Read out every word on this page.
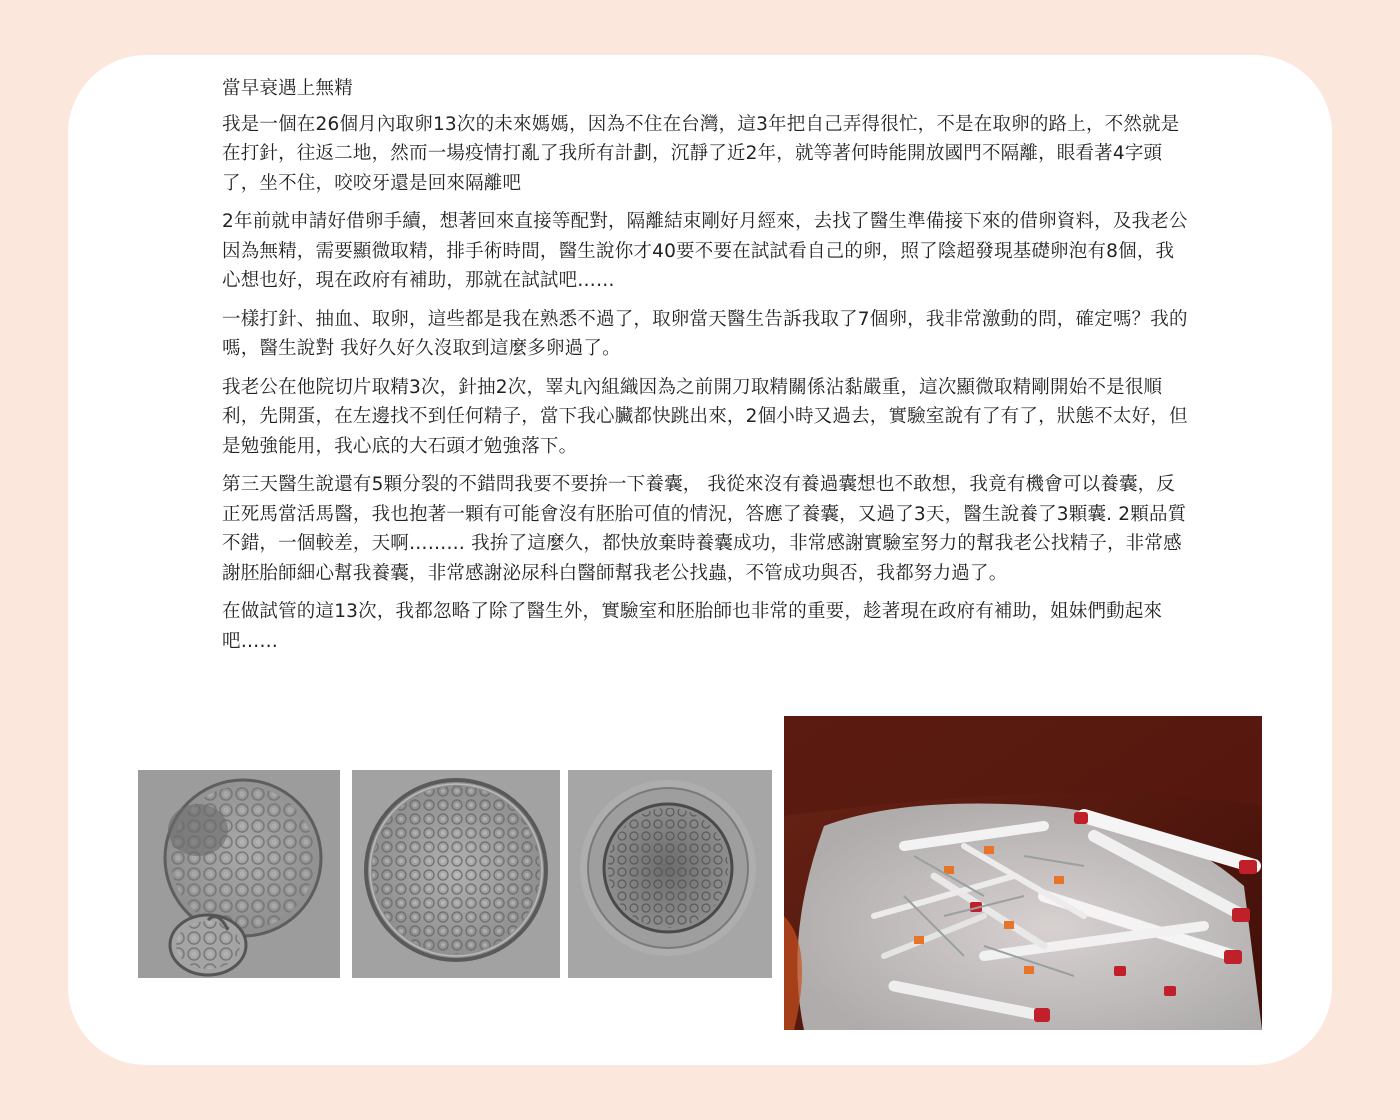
當早衰遇上無精

我是一個在26個月內取卵13次的未來媽媽，因為不住在台灣，這3年把自己弄得很忙，不是在取卵的路上，不然就是在打針，往返二地，然而一場疫情打亂了我所有計劃，沉靜了近2年，就等著何時能開放國門不隔離，眼看著4字頭了，坐不住，咬咬牙還是回來隔離吧

2年前就申請好借卵手續，想著回來直接等配對，隔離結束剛好月經來，去找了醫生準備接下來的借卵資料，及我老公因為無精，需要顯微取精，排手術時間，醫生說你才40要不要在試試看自己的卵，照了陰超發現基礎卵泡有8個，我心想也好，現在政府有補助，那就在試試吧……

一樣打針、抽血、取卵，這些都是我在熟悉不過了，取卵當天醫生告訴我取了7個卵，我非常激動的問，確定嗎？我的嗎，醫生說對 我好久好久沒取到這麼多卵過了。

我老公在他院切片取精3次，針抽2次，睪丸內組織因為之前開刀取精關係沾黏嚴重，這次顯微取精剛開始不是很順利，先開蛋，在左邊找不到任何精子，當下我心臟都快跳出來，2個小時又過去，實驗室說有了有了，狀態不太好，但是勉強能用，我心底的大石頭才勉強落下。

第三天醫生說還有5顆分裂的不錯問我要不要拚一下養囊， 我從來沒有養過囊想也不敢想，我竟有機會可以養囊，反正死馬當活馬醫，我也抱著一顆有可能會沒有胚胎可值的情況，答應了養囊，又過了3天，醫生說養了3顆囊. 2顆品質不錯，一個較差，天啊……… 我拚了這麼久，都快放棄時養囊成功，非常感謝實驗室努力的幫我老公找精子，非常感謝胚胎師細心幫我養囊，非常感謝泌尿科白醫師幫我老公找蟲，不管成功與否，我都努力過了。

在做試管的這13次，我都忽略了除了醫生外，實驗室和胚胎師也非常的重要，趁著現在政府有補助，姐妹們動起來吧……
